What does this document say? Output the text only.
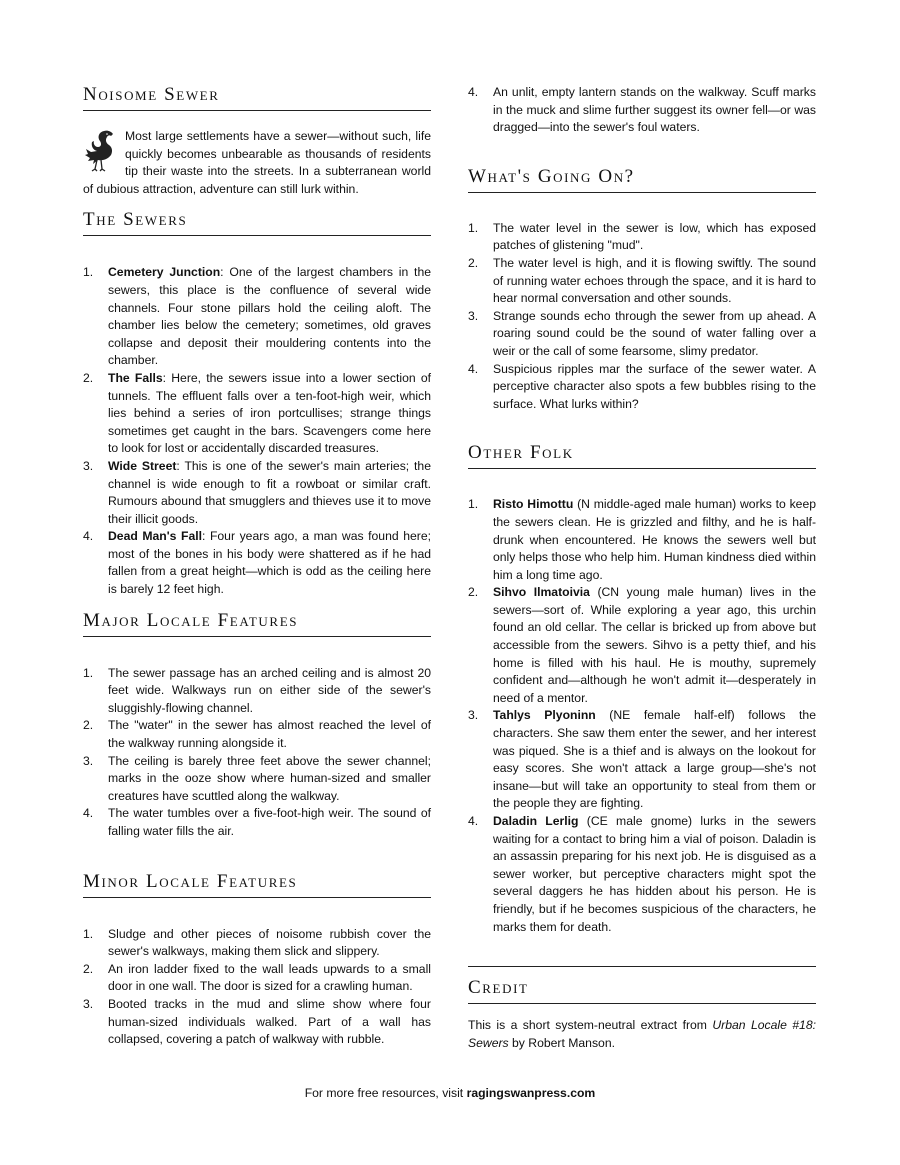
Noisome Sewer

Most large settlements have a sewer—without such, life quickly becomes unbearable as thousands of residents tip their waste into the streets. In a subterranean world of dubious attraction, adventure can still lurk within.

The Sewers
1. Cemetery Junction: One of the largest chambers in the sewers, this place is the confluence of several wide channels. Four stone pillars hold the ceiling aloft. The chamber lies below the cemetery; sometimes, old graves collapse and deposit their mouldering contents into the chamber.
2. The Falls: Here, the sewers issue into a lower section of tunnels. The effluent falls over a ten-foot-high weir, which lies behind a series of iron portcullises; strange things sometimes get caught in the bars. Scavengers come here to look for lost or accidentally discarded treasures.
3. Wide Street: This is one of the sewer's main arteries; the channel is wide enough to fit a rowboat or similar craft. Rumours abound that smugglers and thieves use it to move their illicit goods.
4. Dead Man's Fall: Four years ago, a man was found here; most of the bones in his body were shattered as if he had fallen from a great height—which is odd as the ceiling here is barely 12 feet high.
Major Locale Features
1. The sewer passage has an arched ceiling and is almost 20 feet wide. Walkways run on either side of the sewer's sluggishly-flowing channel.
2. The "water" in the sewer has almost reached the level of the walkway running alongside it.
3. The ceiling is barely three feet above the sewer channel; marks in the ooze show where human-sized and smaller creatures have scuttled along the walkway.
4. The water tumbles over a five-foot-high weir. The sound of falling water fills the air.
Minor Locale Features
1. Sludge and other pieces of noisome rubbish cover the sewer's walkways, making them slick and slippery.
2. An iron ladder fixed to the wall leads upwards to a small door in one wall. The door is sized for a crawling human.
3. Booted tracks in the mud and slime show where four human-sized individuals walked. Part of a wall has collapsed, covering a patch of walkway with rubble.
4. An unlit, empty lantern stands on the walkway. Scuff marks in the muck and slime further suggest its owner fell—or was dragged—into the sewer's foul waters.
What's Going On?
1. The water level in the sewer is low, which has exposed patches of glistening "mud".
2. The water level is high, and it is flowing swiftly. The sound of running water echoes through the space, and it is hard to hear normal conversation and other sounds.
3. Strange sounds echo through the sewer from up ahead. A roaring sound could be the sound of water falling over a weir or the call of some fearsome, slimy predator.
4. Suspicious ripples mar the surface of the sewer water. A perceptive character also spots a few bubbles rising to the surface. What lurks within?
Other Folk
1. Risto Himottu (N middle-aged male human) works to keep the sewers clean. He is grizzled and filthy, and he is half-drunk when encountered. He knows the sewers well but only helps those who help him. Human kindness died within him a long time ago.
2. Sihvo Ilmatoivia (CN young male human) lives in the sewers—sort of. While exploring a year ago, this urchin found an old cellar. The cellar is bricked up from above but accessible from the sewers. Sihvo is a petty thief, and his home is filled with his haul. He is mouthy, supremely confident and—although he won't admit it—desperately in need of a mentor.
3. Tahlys Plyoninn (NE female half-elf) follows the characters. She saw them enter the sewer, and her interest was piqued. She is a thief and is always on the lookout for easy scores. She won't attack a large group—she's not insane—but will take an opportunity to steal from them or the people they are fighting.
4. Daladin Lerlig (CE male gnome) lurks in the sewers waiting for a contact to bring him a vial of poison. Daladin is an assassin preparing for his next job. He is disguised as a sewer worker, but perceptive characters might spot the several daggers he has hidden about his person. He is friendly, but if he becomes suspicious of the characters, he marks them for death.
Credit

This is a short system-neutral extract from Urban Locale #18: Sewers by Robert Manson.

For more free resources, visit ragingswanpress.com
